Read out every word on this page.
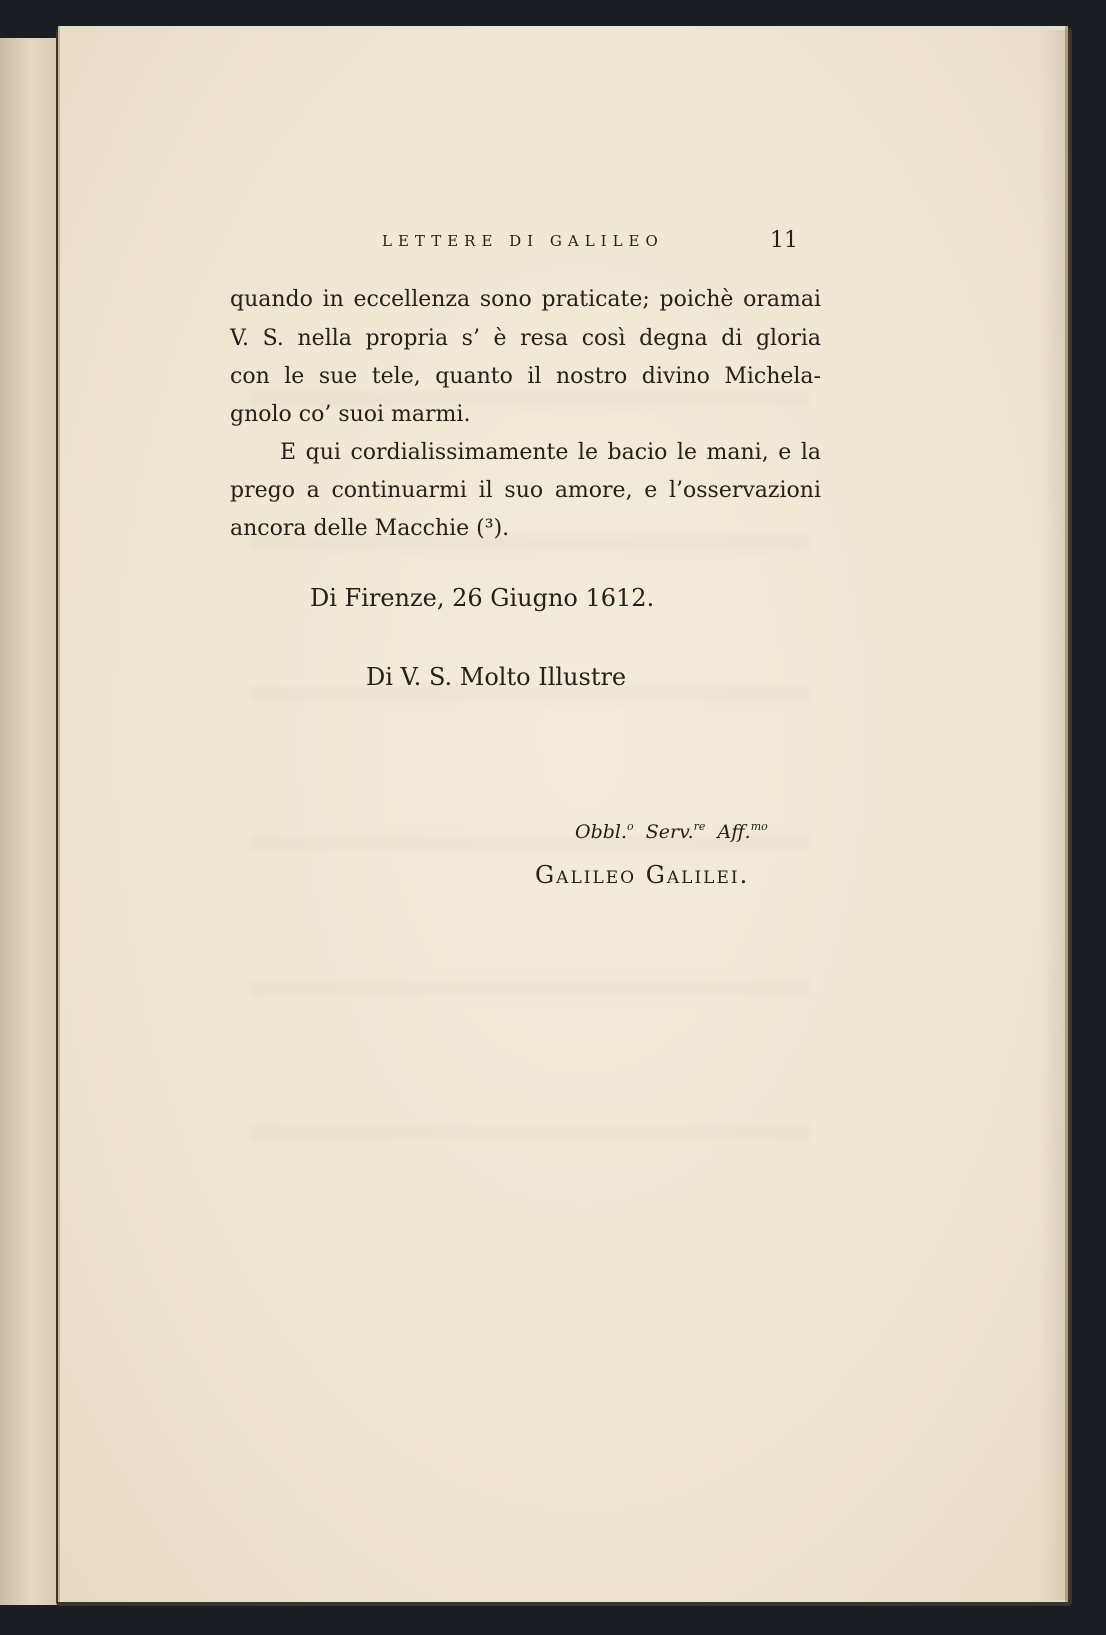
LETTERE DI GALILEO	11
quando in eccellenza sono praticate; poichè oramai
V. S. nella propria s’ è resa così degna di gloria
con le sue tele, quanto il nostro divino Michela-
gnolo co’ suoi marmi.
E qui cordialissimamente le bacio le mani, e la
prego a continuarmi il suo amore, e l’osservazioni
ancora delle Macchie (³).
Di Firenze, 26 Giugno 1612.
Di V. S. Molto Illustre
Obbl.$^o$ Serv.$^{re}$ Aff.$^{mo}$
Galileo Galilei.
